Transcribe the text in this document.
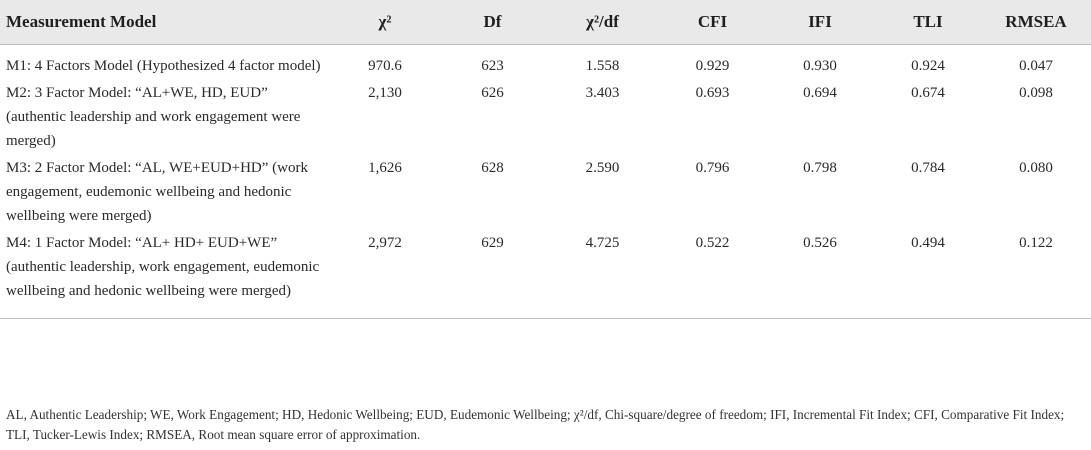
Measurement Model	χ²	Df	χ²/df	CFI	IFI	TLI	RMSEA
M1: 4 Factors Model (Hypothesized 4 factor model)	970.6	623	1.558	0.929	0.930	0.924	0.047
M2: 3 Factor Model: “AL+WE, HD, EUD” (authentic leadership and work engagement were merged)	2,130	626	3.403	0.693	0.694	0.674	0.098
M3: 2 Factor Model: “AL, WE+EUD+HD” (work engagement, eudemonic wellbeing and hedonic wellbeing were merged)	1,626	628	2.590	0.796	0.798	0.784	0.080
M4: 1 Factor Model: “AL+ HD+ EUD+WE” (authentic leadership, work engagement, eudemonic wellbeing and hedonic wellbeing were merged)	2,972	629	4.725	0.522	0.526	0.494	0.122
AL, Authentic Leadership; WE, Work Engagement; HD, Hedonic Wellbeing; EUD, Eudemonic Wellbeing; χ²/df, Chi-square/degree of freedom; IFI, Incremental Fit Index; CFI, Comparative Fit Index; TLI, Tucker-Lewis Index; RMSEA, Root mean square error of approximation.
